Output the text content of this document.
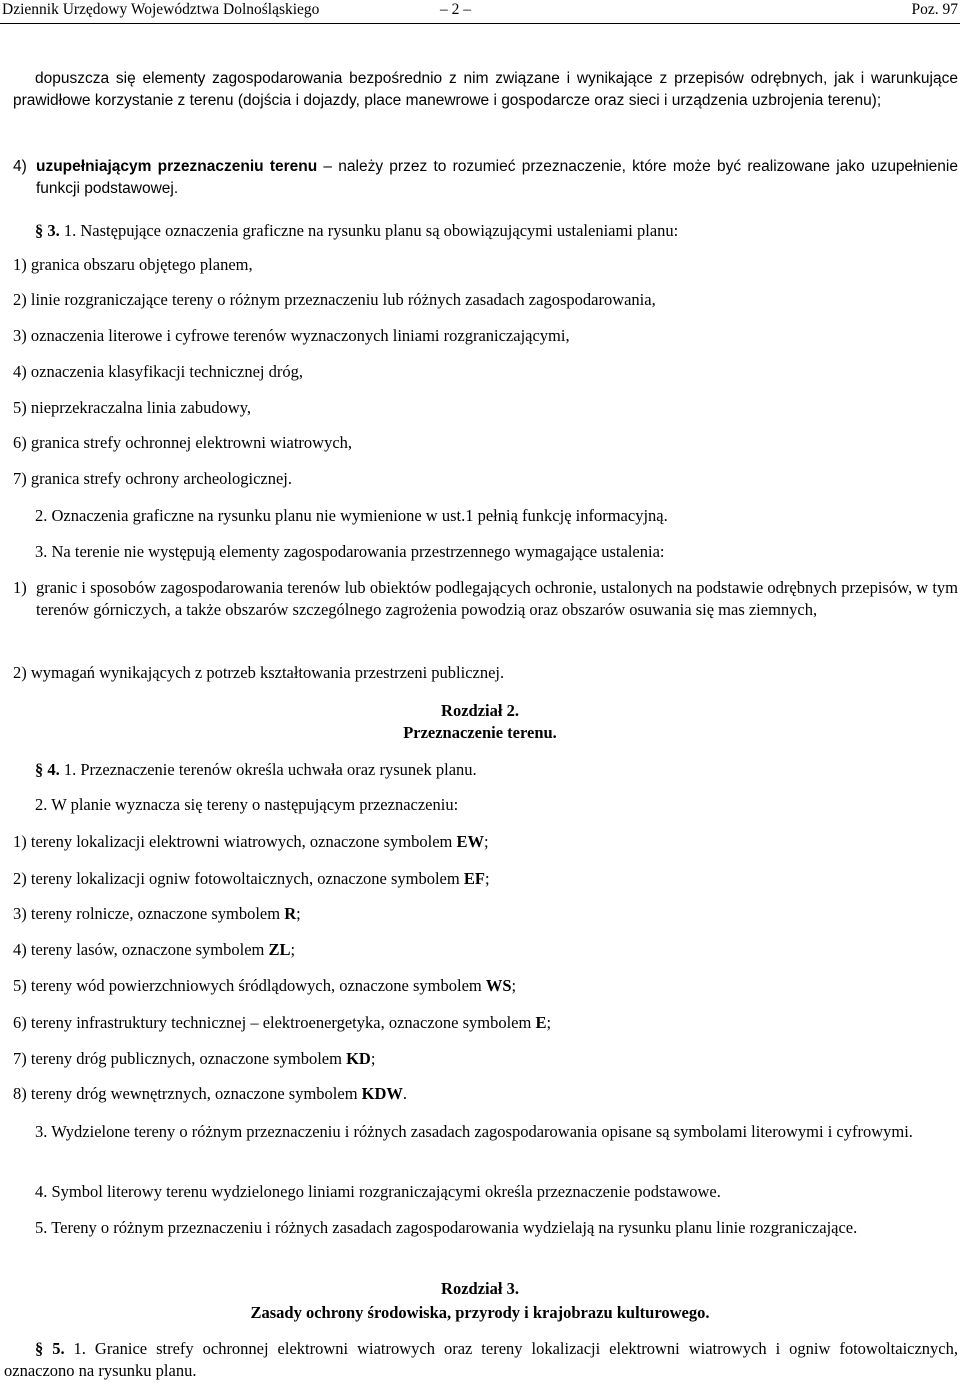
Dziennik Urzędowy Województwa Dolnośląskiego	– 2 –	Poz. 97
dopuszcza się elementy zagospodarowania bezpośrednio z nim związane i wynikające z przepisów odrębnych, jak i warunkujące prawidłowe korzystanie z terenu (dojścia i dojazdy, place manewrowe i gospodarcze oraz sieci i urządzenia uzbrojenia terenu);
4) uzupełniającym przeznaczeniu terenu – należy przez to rozumieć przeznaczenie, które może być realizowane jako uzupełnienie funkcji podstawowej.
§ 3. 1. Następujące oznaczenia graficzne na rysunku planu są obowiązującymi ustaleniami planu:
1) granica obszaru objętego planem,
2) linie rozgraniczające tereny o różnym przeznaczeniu lub różnych zasadach zagospodarowania,
3) oznaczenia literowe i cyfrowe terenów wyznaczonych liniami rozgraniczającymi,
4) oznaczenia klasyfikacji technicznej dróg,
5) nieprzekraczalna linia zabudowy,
6) granica strefy ochronnej elektrowni wiatrowych,
7) granica strefy ochrony archeologicznej.
2. Oznaczenia graficzne na rysunku planu nie wymienione w ust.1 pełnią funkcję informacyjną.
3. Na terenie nie występują elementy zagospodarowania przestrzennego wymagające ustalenia:
1) granic i sposobów zagospodarowania terenów lub obiektów podlegających ochronie, ustalonych na podstawie odrębnych przepisów, w tym terenów górniczych, a także obszarów szczególnego zagrożenia powodzią oraz obszarów osuwania się mas ziemnych,
2) wymagań wynikających z potrzeb kształtowania przestrzeni publicznej.
Rozdział 2.
Przeznaczenie terenu.
§ 4. 1. Przeznaczenie terenów określa uchwała oraz rysunek planu.
2. W planie wyznacza się tereny o następującym przeznaczeniu:
1) tereny lokalizacji elektrowni wiatrowych, oznaczone symbolem EW;
2) tereny lokalizacji ogniw fotowoltaicznych, oznaczone symbolem EF;
3) tereny rolnicze, oznaczone symbolem R;
4) tereny lasów, oznaczone symbolem ZL;
5) tereny wód powierzchniowych śródlądowych, oznaczone symbolem WS;
6) tereny infrastruktury technicznej – elektroenergetyka, oznaczone symbolem E;
7) tereny dróg publicznych, oznaczone symbolem KD;
8) tereny dróg wewnętrznych, oznaczone symbolem KDW.
3. Wydzielone tereny o różnym przeznaczeniu i różnych zasadach zagospodarowania opisane są symbolami literowymi i cyfrowymi.
4. Symbol literowy terenu wydzielonego liniami rozgraniczającymi określa przeznaczenie podstawowe.
5. Tereny o różnym przeznaczeniu i różnych zasadach zagospodarowania wydzielają na rysunku planu linie rozgraniczające.
Rozdział 3.
Zasady ochrony środowiska, przyrody i krajobrazu kulturowego.
§ 5. 1. Granice strefy ochronnej elektrowni wiatrowych oraz tereny lokalizacji elektrowni wiatrowych i ogniw fotowoltaicznych, oznaczono na rysunku planu.
